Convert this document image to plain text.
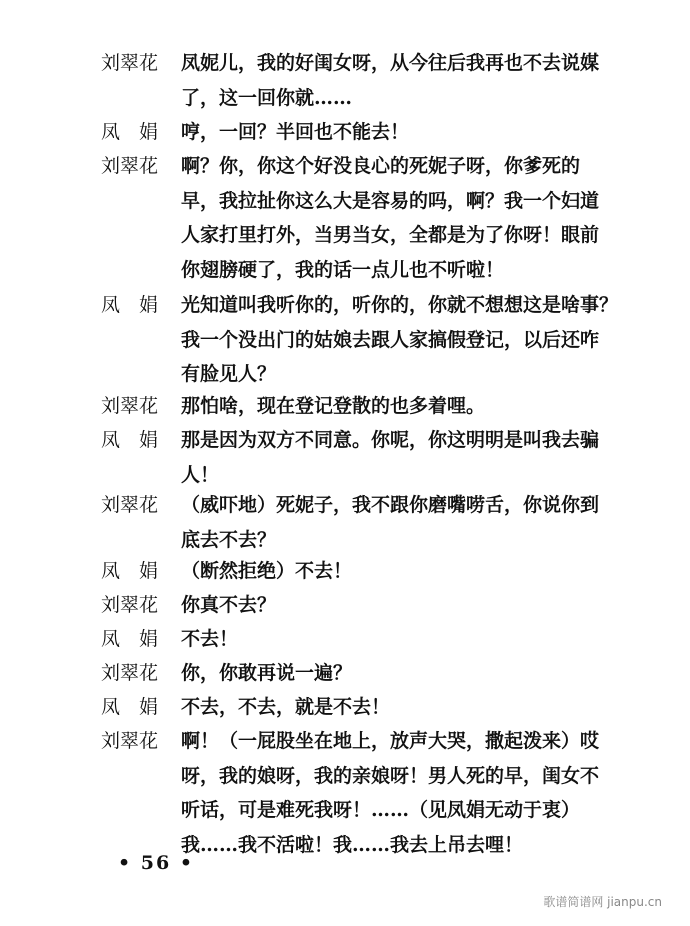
刘翠花	凤妮儿，我的好闺女呀，从今往后我再也不去说媒
了，这一回你就……
凤　娟	哼，一回？半回也不能去！
刘翠花	啊？你，你这个好没良心的死妮子呀，你爹死的
早，我拉扯你这么大是容易的吗，啊？我一个妇道
人家打里打外，当男当女，全都是为了你呀！眼前
你翅膀硬了，我的话一点儿也不听啦！
凤　娟	光知道叫我听你的，听你的，你就不想想这是啥事？
我一个没出门的姑娘去跟人家搞假登记，以后还咋
有脸见人？
刘翠花	那怕啥，现在登记登散的也多着哩。
凤　娟	那是因为双方不同意。你呢，你这明明是叫我去骗
人！
刘翠花	（威吓地）死妮子，我不跟你磨嘴唠舌，你说你到
底去不去？
凤　娟	（断然拒绝）不去！
刘翠花	你真不去？
凤　娟	不去！
刘翠花	你，你敢再说一遍？
凤　娟	不去，不去，就是不去！
刘翠花	啊！（一屁股坐在地上，放声大哭，撒起泼来）哎
呀，我的娘呀，我的亲娘呀！男人死的早，闺女不
听话，可是难死我呀！……（见凤娟无动于衷）
我……我不活啦！我……我去上吊去哩！
• 56 •
歌谱简谱网 jianpu.cn
